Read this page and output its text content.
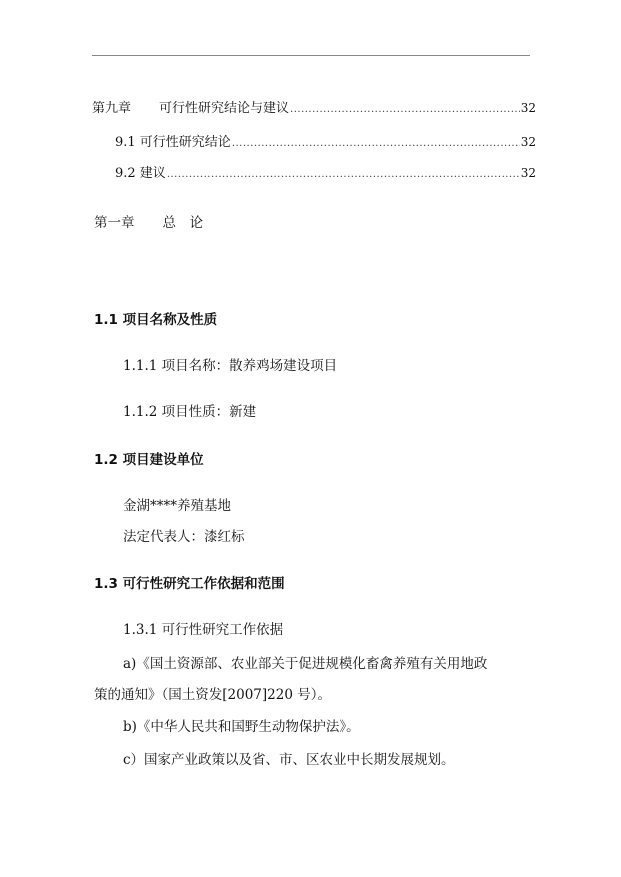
第九章 可行性研究结论与建议 .....	32
9.1 可行性研究结论 .....	32
9.2 建议 .....	32
第一章 总　论
1.1 项目名称及性质
1.1.1 项目名称：散养鸡场建设项目
1.1.2 项目性质：新建
1.2 项目建设单位
金湖****养殖基地
法定代表人：漆红标
1.3 可行性研究工作依据和范围
1.3.1 可行性研究工作依据
a)《国土资源部、农业部关于促进规模化畜禽养殖有关用地政
策的通知》（国土资发[2007]220 号）。
b)《中华人民共和国野生动物保护法》。
c）国家产业政策以及省、市、区农业中长期发展规划。
